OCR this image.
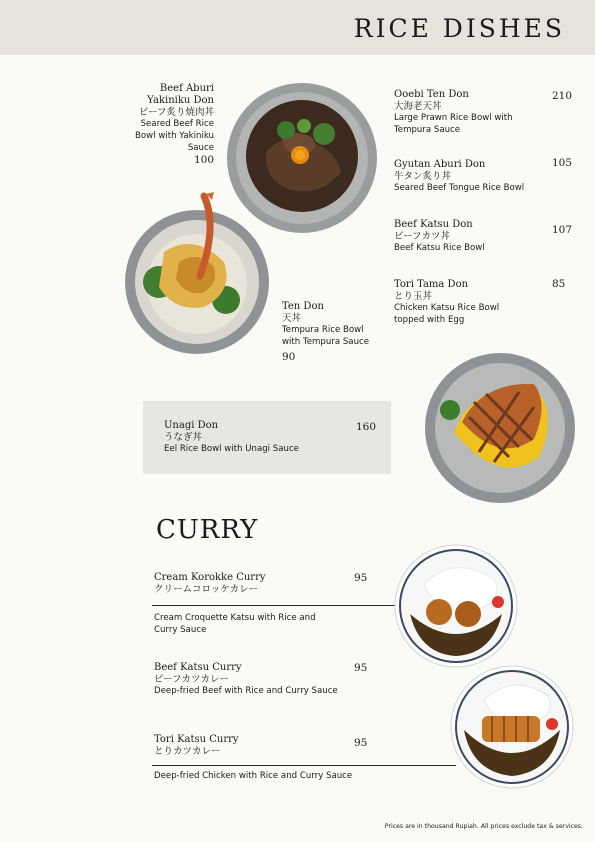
RICE DISHES
Beef Aburi
Yakiniku Don
ビーフ炙り焼肉丼
Seared Beef Rice
Bowl with Yakiniku
Sauce
100
Ten Don
天丼
Tempura Rice Bowl
with Tempura Sauce
90
Ooebi Ten Don
大海老天丼
Large Prawn Rice Bowl with
Tempura Sauce
210
Gyutan Aburi Don
牛タン炙り丼
Seared Beef Tongue Rice Bowl
105
Beef Katsu Don
ビーフカツ丼
Beef Katsu Rice Bowl
107
Tori Tama Don
とり玉丼
Chicken Katsu Rice Bowl
topped with Egg
85
Unagi Don
うなぎ丼
Eel Rice Bowl with Unagi Sauce
160
CURRY
Cream Korokke Curry
クリームコロッケカレー
95
Cream Croquette Katsu with Rice and
Curry Sauce
Beef Katsu Curry
ビーフカツカレー
Deep-fried Beef with Rice and Curry Sauce
95
Tori Katsu Curry
とりカツカレー
95
Deep-fried Chicken with Rice and Curry Sauce
Prices are in thousand Rupiah. All prices exclude tax & services.
